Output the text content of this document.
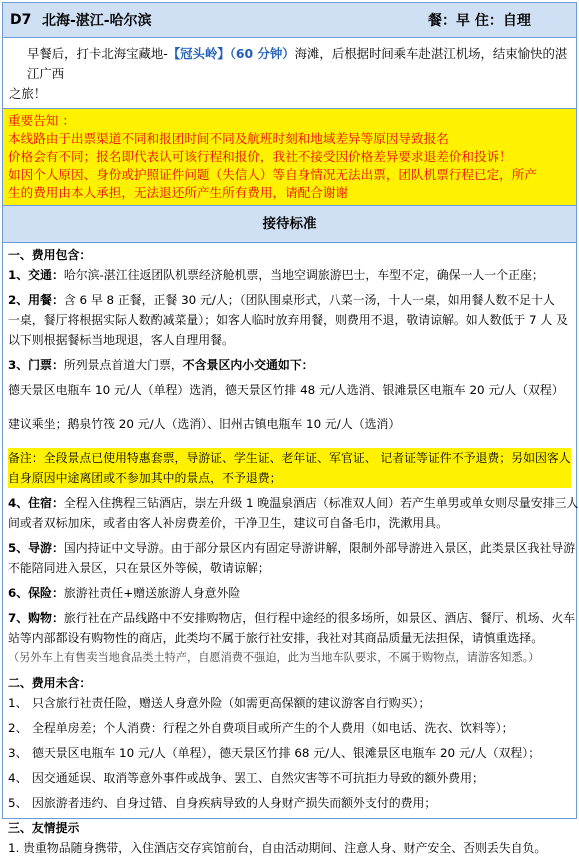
D7 北海-湛江-哈尔滨	餐：早 住：自理
早餐后，打卡北海宝藏地-【冠头岭】（60 分钟）海滩，后根据时间乘车赴湛江机场，结束愉快的湛江广西
之旅！
重要告知 ：
本线路由于出票渠道不同和报团时间不同及航班时刻和地域差异等原因导致报名
价格会有不同；报名即代表认可该行程和报价，我社不接受因价格差异要求退差价和投诉！
如因个人原因、身份或护照证件问题（失信人）等自身情况无法出票，团队机票行程已定，所产
生的费用由本人承担，无法退还所产生所有费用，请配合谢谢
接待标准
一、费用包含：
1、交通：哈尔滨-湛江往返团队机票经济舱机票，当地空调旅游巴士，车型不定，确保一人一个正座；
2、用餐：含 6 早 8 正餐，正餐 30 元/人；（团队围桌形式，八菜一汤，十人一桌，如用餐人数不足十人
一桌，餐厅将根据实际人数酌减菜量）；如客人临时放弃用餐，则费用不退，敬请谅解。如人数低于 7 人 及
以下则根据餐标当地现退，客人自理用餐。
3、门票：所列景点首道大门票，不含景区内小交通如下：
德天景区电瓶车 10 元/人（单程）选消，德天景区竹排 48 元/人选消、银滩景区电瓶车 20 元/人（双程）
建议乘坐；鹅泉竹筏 20 元/人（选消）、旧州古镇电瓶车 10 元/人（选消）
备注：全段景点已使用特惠套票，导游证、学生证、老年证、军官证、 记者证等证件不予退费；另如因客人
自身原因中途离团或不参加其中的景点，不予退费；
4、住宿：全程入住携程三钻酒店，崇左升级 1 晚温泉酒店（标准双人间）若产生单男或单女则尽量安排三人
间或者双标加床，或者由客人补房费差价，干净卫生，建议可自备毛巾，洗漱用具。
5、导游：国内持证中文导游。由于部分景区内有固定导游讲解，限制外部导游进入景区，此类景区我社导游
不能陪同进入景区，只在景区外等候，敬请谅解；
6、保险：旅游社责任+赠送旅游人身意外险
7、购物：旅行社在产品线路中不安排购物店，但行程中途经的很多场所，如景区、酒店、餐厅、机场、火车
站等内部都设有购物性的商店，此类均不属于旅行社安排，我社对其商品质量无法担保，请慎重选择。
（另外车上有售卖当地食品类土特产，自愿消费不强迫，此为当地车队要求，不属于购物点，请游客知悉。）
二、费用未含：
1、 只含旅行社责任险，赠送人身意外险（如需更高保额的建议游客自行购买）；
2、 全程单房差；个人消费：行程之外自费项目或所产生的个人费用（如电话、洗衣、饮料等）；
3、 德天景区电瓶车 10 元/人（单程），德天景区竹排 68 元/人、银滩景区电瓶车 20 元/人（双程）；
4、 因交通延误、取消等意外事件或战争、罢工、自然灾害等不可抗拒力导致的额外费用；
5、 因旅游者违约、自身过错、自身疾病导致的人身财产损失而额外支付的费用；
三、友情提示
1. 贵重物品随身携带，入住酒店交存宾馆前台，自由活动期间、注意人身、财产安全、否则丢失自负。
